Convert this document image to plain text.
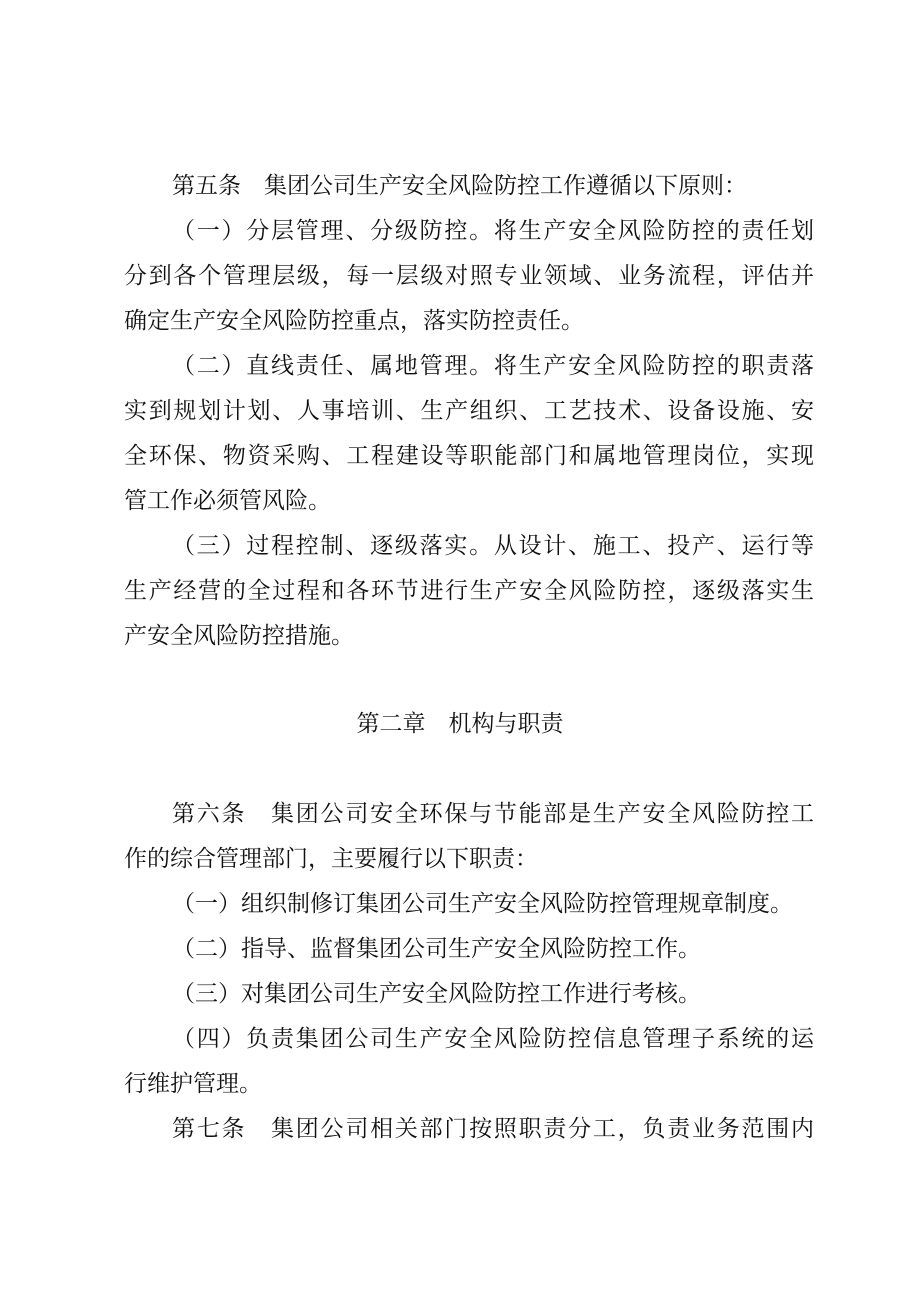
第五条　集团公司生产安全风险防控工作遵循以下原则：
（一）分层管理、分级防控。将生产安全风险防控的责任划
分到各个管理层级，每一层级对照专业领域、业务流程，评估并
确定生产安全风险防控重点，落实防控责任。
（二）直线责任、属地管理。将生产安全风险防控的职责落
实到规划计划、人事培训、生产组织、工艺技术、设备设施、安
全环保、物资采购、工程建设等职能部门和属地管理岗位，实现
管工作必须管风险。
（三）过程控制、逐级落实。从设计、施工、投产、运行等
生产经营的全过程和各环节进行生产安全风险防控，逐级落实生
产安全风险防控措施。
第二章　机构与职责
第六条　集团公司安全环保与节能部是生产安全风险防控工
作的综合管理部门，主要履行以下职责：
（一）组织制修订集团公司生产安全风险防控管理规章制度。
（二）指导、监督集团公司生产安全风险防控工作。
（三）对集团公司生产安全风险防控工作进行考核。
（四）负责集团公司生产安全风险防控信息管理子系统的运
行维护管理。
第七条　集团公司相关部门按照职责分工，负责业务范围内
